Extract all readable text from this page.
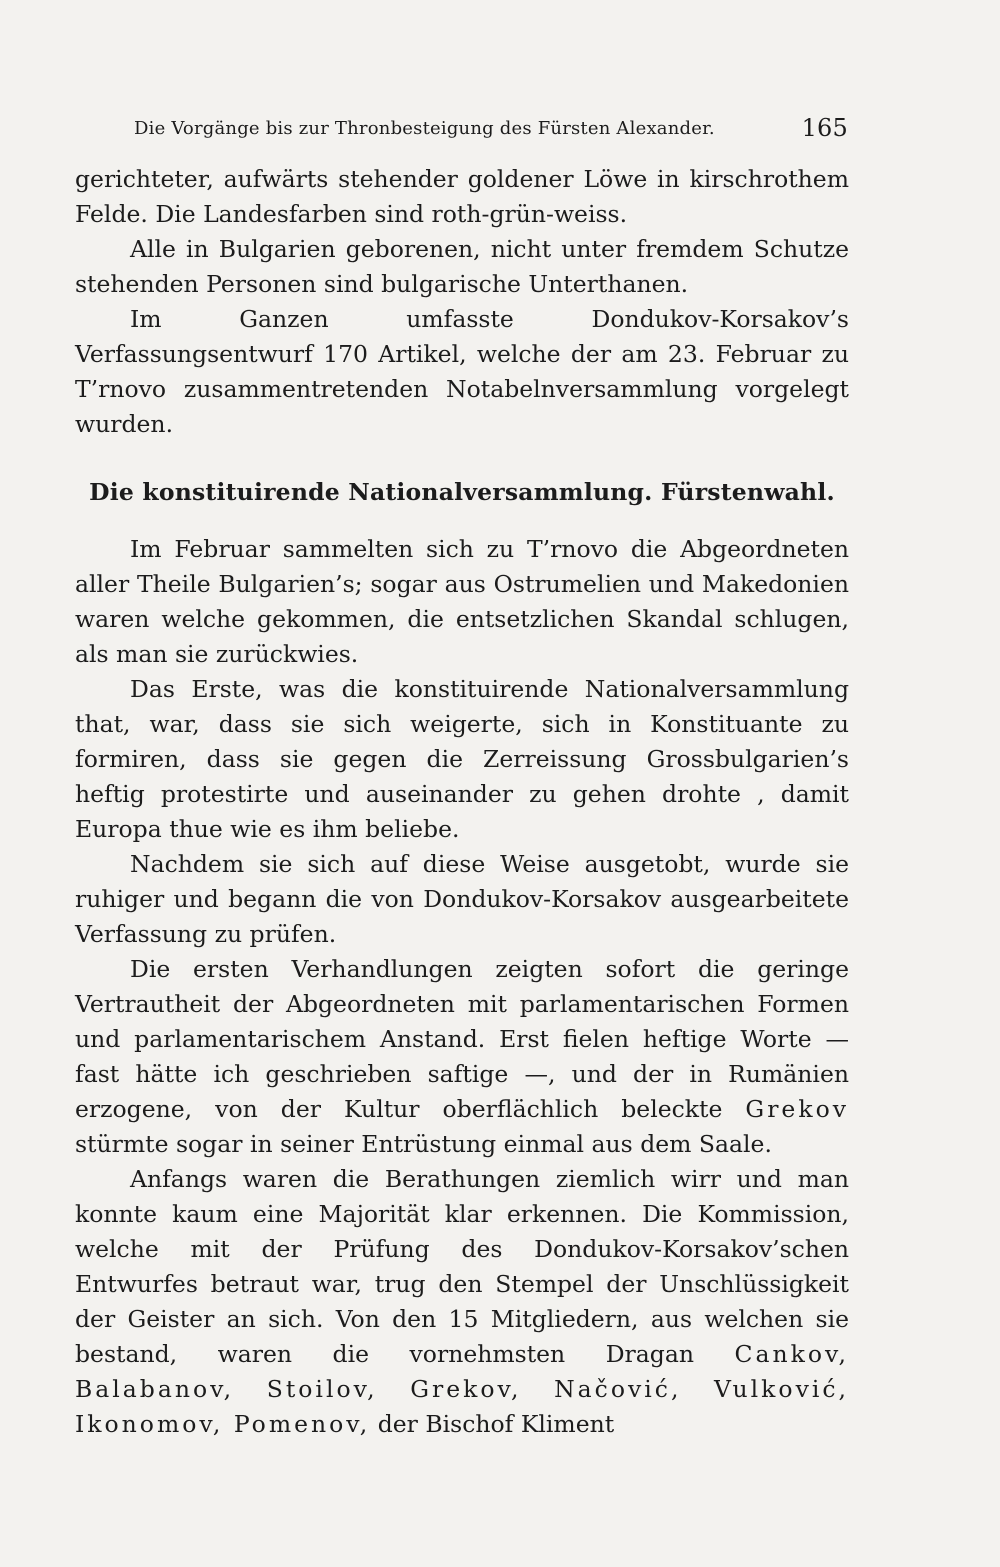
Die Vorgänge bis zur Thronbesteigung des Fürsten Alexander.	165

gerichteter, aufwärts stehender goldener Löwe in kirschrothem Felde. Die Landesfarben sind roth-grün-weiss.

Alle in Bulgarien geborenen, nicht unter fremdem Schutze stehenden Personen sind bulgarische Unterthanen.

Im Ganzen umfasste Dondukov-Korsakov’s Verfassungsentwurf 170 Artikel, welche der am 23. Februar zu T’rnovo zusammentretenden Notabelnversammlung vorgelegt wurden.

Die konstituirende Nationalversammlung. Fürstenwahl.

Im Februar sammelten sich zu T’rnovo die Abgeordneten aller Theile Bulgarien’s; sogar aus Ostrumelien und Makedonien waren welche gekommen, die entsetzlichen Skandal schlugen, als man sie zurückwies.

Das Erste, was die konstituirende Nationalversammlung that, war, dass sie sich weigerte, sich in Konstituante zu formiren, dass sie gegen die Zerreissung Grossbulgarien’s heftig protestirte und auseinander zu gehen drohte , damit Europa thue wie es ihm beliebe.

Nachdem sie sich auf diese Weise ausgetobt, wurde sie ruhiger und begann die von Dondukov-Korsakov ausgearbeitete Verfassung zu prüfen.

Die ersten Verhandlungen zeigten sofort die geringe Vertrautheit der Abgeordneten mit parlamentarischen Formen und parlamentarischem Anstand. Erst fielen heftige Worte — fast hätte ich geschrieben saftige —, und der in Rumänien erzogene, von der Kultur oberflächlich beleckte Grekov stürmte sogar in seiner Entrüstung einmal aus dem Saale.

Anfangs waren die Berathungen ziemlich wirr und man konnte kaum eine Majorität klar erkennen. Die Kommission, welche mit der Prüfung des Dondukov-Korsakov’schen Entwurfes betraut war, trug den Stempel der Unschlüssigkeit der Geister an sich. Von den 15 Mitgliedern, aus welchen sie bestand, waren die vornehmsten Dragan Cankov, Balabanov, Stoilov, Grekov, Načović, Vulković, Ikonomov, Pomenov, der Bischof Kliment
